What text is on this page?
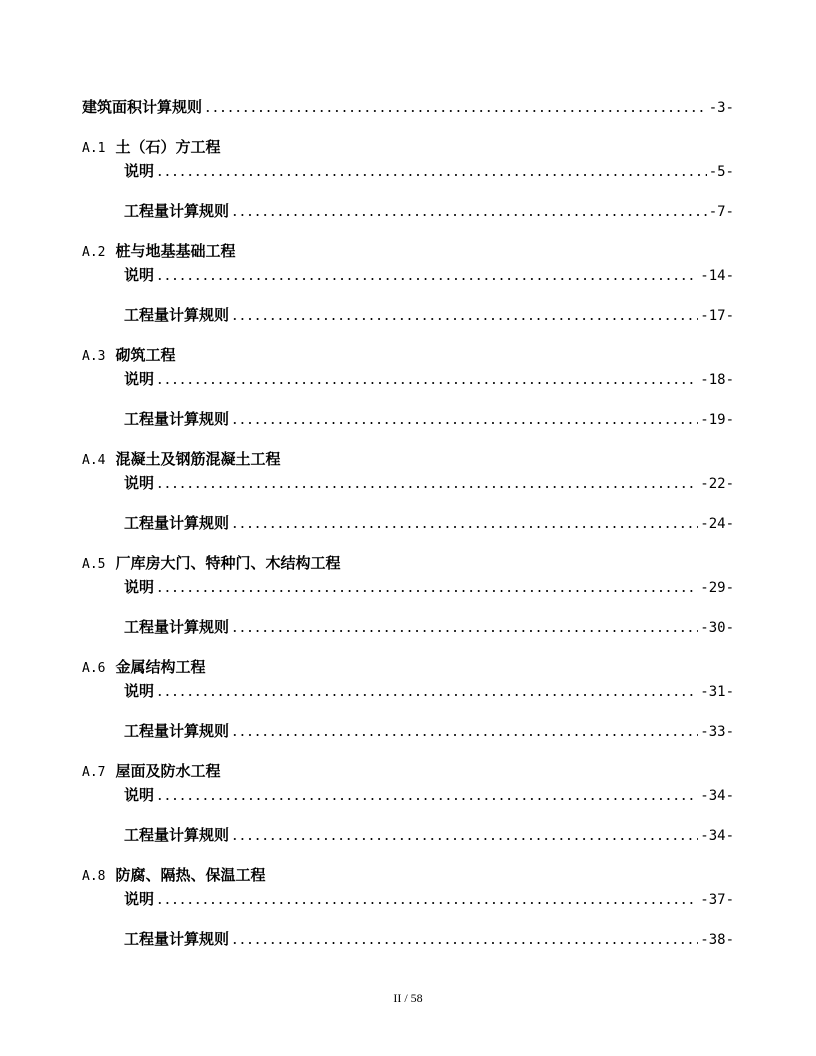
建筑面积计算规则	-3-
A.1 土（石）方工程
说明	-5-
工程量计算规则	-7-
A.2 桩与地基基础工程
说明	-14-
工程量计算规则	-17-
A.3 砌筑工程
说明	-18-
工程量计算规则	-19-
A.4 混凝土及钢筋混凝土工程
说明	-22-
工程量计算规则	-24-
A.5 厂库房大门、特种门、木结构工程
说明	-29-
工程量计算规则	-30-
A.6 金属结构工程
说明	-31-
工程量计算规则	-33-
A.7 屋面及防水工程
说明	-34-
工程量计算规则	-34-
A.8 防腐、隔热、保温工程
说明	-37-
工程量计算规则	-38-
II / 58
